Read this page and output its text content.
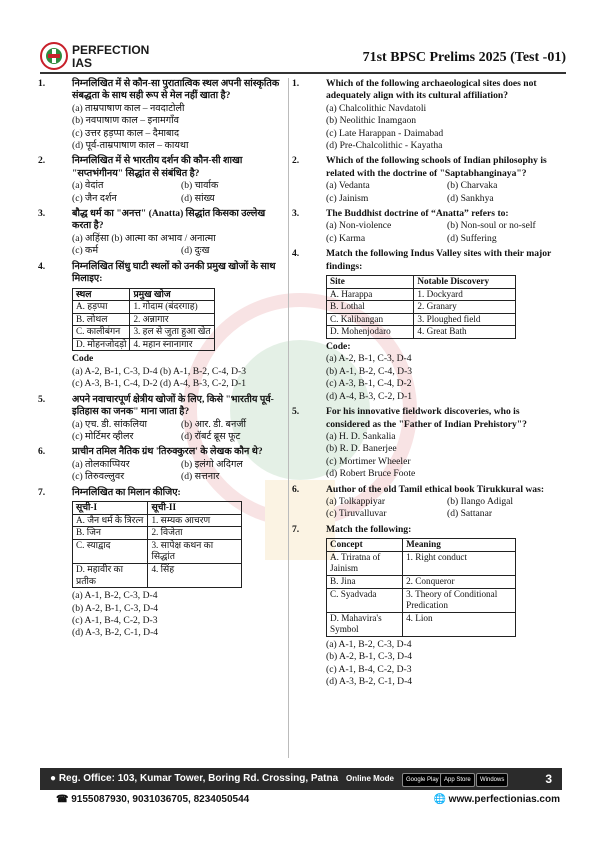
PERFECTION
IAS	71st BPSC Prelims 2025 (Test -01)
1.	निम्नलिखित में से कौन-सा पुरातात्विक स्थल अपनी सांस्कृतिक संबद्धता के साथ सही रूप से मेल नहीं खाता है?
(a) ताम्रपाषाण काल – नवदाटोली
(b) नवपाषाण काल – इनामगाँव
(c) उत्तर हड़प्पा काल – दैमाबाद
(d) पूर्व-ताम्रपाषाण काल – कायथा
2.	निम्नलिखित में से भारतीय दर्शन की कौन-सी शाखा "सप्तभंगीनय" सिद्धांत से संबंधित है?
(a) वेदांत	(b) चार्वाक
(c) जैन दर्शन	(d) सांख्य
3.	बौद्ध धर्म का "अनत्त" (Anatta) सिद्धांत किसका उल्लेख करता है?
(a) अहिंसा (b) आत्मा का अभाव / अनात्मा
(c) कर्म	(d) दुःख
4.	निम्नलिखित सिंधु घाटी स्थलों को उनकी प्रमुख खोजों के साथ मिलाइए:
स्थल	प्रमुख खोज
A. हड़प्पा	1. गोदाम (बंदरगाह)
B. लोथल	2. अन्नागार
C. कालीबंगन	3. हल से जुता हुआ खेत
D. मोहनजोदड़ो	4. महान स्नानागार
Code
(a) A-2, B-1, C-3, D-4 (b) A-1, B-2, C-4, D-3
(c) A-3, B-1, C-4, D-2 (d) A-4, B-3, C-2, D-1
5.	अपने नवाचारपूर्ण क्षेत्रीय खोजों के लिए, किसे "भारतीय पूर्व-इतिहास का जनक" माना जाता है?
(a) एच. डी. सांकलिया	(b) आर. डी. बनर्जी
(c) मोर्टिमर व्हीलर	(d) रॉबर्ट ब्रूस फूट
6.	प्राचीन तमिल नैतिक ग्रंथ 'तिरुक्कुरल' के लेखक कौन थे?
(a) तोलकाप्पियर	(b) इलंगो अदिगल
(c) तिरुवल्लुवर	(d) सत्तनार
7.	निम्नलिखित का मिलान कीजिए:
सूची-I	सूची-II
A. जैन धर्म के त्रिरत्न	1. सम्यक आचरण
B. जिन	2. विजेता
C. स्याद्वाद	3. सापेक्ष कथन का सिद्धांत
D. महावीर का प्रतीक	4. सिंह
(a) A-1, B-2, C-3, D-4
(b) A-2, B-1, C-3, D-4
(c) A-1, B-4, C-2, D-3
(d) A-3, B-2, C-1, D-4
1.	Which of the following archaeological sites does not adequately align with its cultural affiliation?
(a) Chalcolithic Navdatoli
(b) Neolithic Inamgaon
(c) Late Harappan - Daimabad
(d) Pre-Chalcolithic - Kayatha
2.	Which of the following schools of Indian philosophy is related with the doctrine of "Saptabhanginaya"?
(a) Vedanta	(b) Charvaka
(c) Jainism	(d) Sankhya
3.	The Buddhist doctrine of “Anatta” refers to:
(a) Non-violence	(b) Non-soul or no-self
(c) Karma	(d) Suffering
4.	Match the following Indus Valley sites with their major findings:
Site	Notable Discovery
A. Harappa	1. Dockyard
B. Lothal	2. Granary
C. Kalibangan	3. Ploughed field
D. Mohenjodaro	4. Great Bath
Code:
(a) A-2, B-1, C-3, D-4
(b) A-1, B-2, C-4, D-3
(c) A-3, B-1, C-4, D-2
(d) A-4, B-3, C-2, D-1
5.	For his innovative fieldwork discoveries, who is considered as the "Father of Indian Prehistory"?
(a) H. D. Sankalia
(b) R. D. Banerjee
(c) Mortimer Wheeler
(d) Robert Bruce Foote
6.	Author of the old Tamil ethical book Tirukkural was:
(a) Tolkappiyar	(b) Ilango Adigal
(c) Tiruvalluvar	(d) Sattanar
7.	Match the following:
Concept	Meaning
A. Triratna of Jainism	1. Right conduct
B. Jina	2. Conqueror
C. Syadvada	3. Theory of Conditional Predication
D. Mahavira's Symbol	4. Lion
(a) A-1, B-2, C-3, D-4
(b) A-2, B-1, C-3, D-4
(c) A-1, B-4, C-2, D-3
(d) A-3, B-2, C-1, D-4
● Reg. Office: 103, Kumar Tower, Boring Rd. Crossing, Patna Online Mode	Google Play App Store	Windows	3
☎ 9155087930, 9031036705, 8234050544	🌐 www.perfectionias.com
